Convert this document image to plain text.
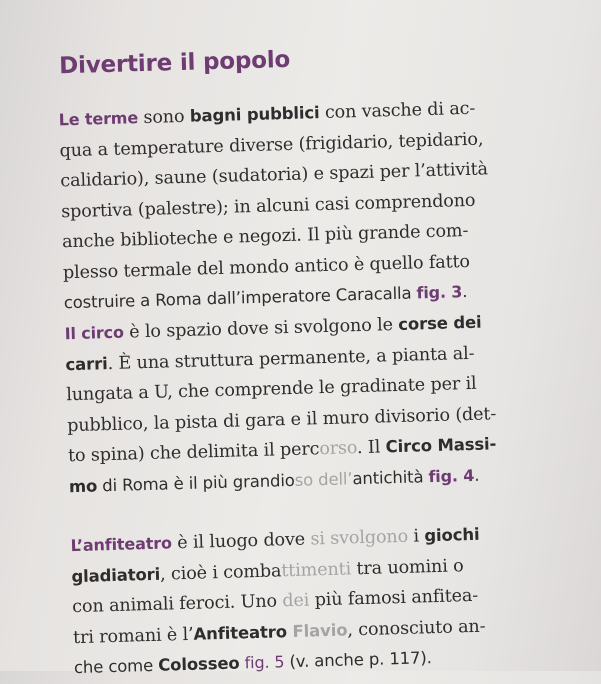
Divertire il popolo

Le terme sono bagni pubblici con vasche di ac-
qua a temperature diverse (frigidario, tepidario,
calidario), saune (sudatoria) e spazi per l’attività
sportiva (palestre); in alcuni casi comprendono
anche biblioteche e negozi. Il più grande com-
plesso termale del mondo antico è quello fatto
costruire a Roma dall’imperatore Caracalla fig. 3.

Il circo è lo spazio dove si svolgono le corse dei
carri. È una struttura permanente, a pianta al-
lungata a U, che comprende le gradinate per il
pubblico, la pista di gara e il muro divisorio (det-
to spina) che delimita il percorso. Il Circo Massi-
mo di Roma è il più grandioso dell’antichità fig. 4.

L’anfiteatro è il luogo dove si svolgono i giochi
gladiatori, cioè i combattimenti tra uomini o
con animali feroci. Uno dei più famosi anfitea-
tri romani è l’Anfiteatro Flavio, conosciuto an-
che come Colosseo fig. 5 (v. anche p. 117).
